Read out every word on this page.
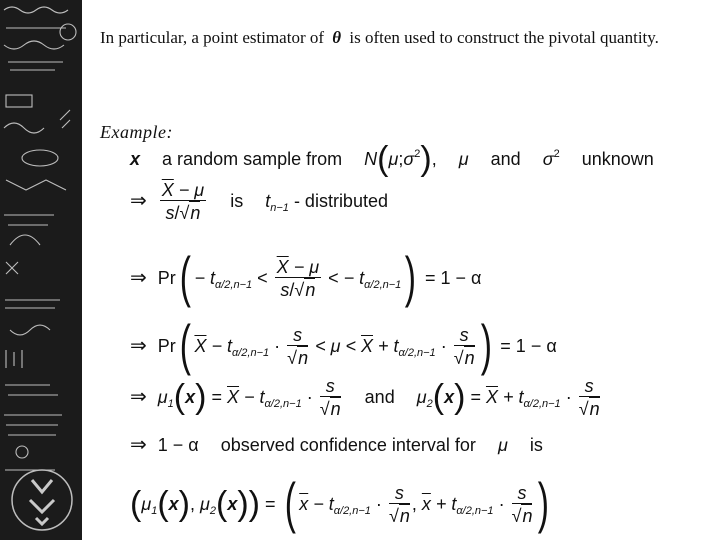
In particular, a point estimator of θ is often used to construct the pivotal quantity.

Example:
x a random sample from $N(\mu;\sigma^2)$,  μ and $\sigma^2$ unknown
⇒ $\frac{\overline{X} - \mu}{s/√n}$ is $t_{n-1}$ - distributed
⇒ $Pr( - t_{\alpha/2,n-1} < \frac{\overline{X} - \mu}{s/√n}$ < − $t_{\alpha/2,n-1}) = 1 - \alpha$
⇒ Pr( $\overline{X} - t_{\alpha/2,n-1} \cdot \frac{s}{√n} < \mu < \overline{X} + t_{\alpha/2,n-1} \cdot \frac{s}{√n}$ ) = 1 − α
⇒ $\mu_1(x) = \overline{X} - t_{\alpha/2,n-1} \cdot \frac{s}{√n}$ and $\mu_2(x) = \overline{X} + t_{\alpha/2,n-1} \cdot \frac{s}{√n}$
⇒ 1 − α observed confidence interval for μ is
($\mu_1(x)$, $\mu_2(x)$) = ( $\overline{x} - t_{\alpha/2,n-1} \cdot \frac{s}{√n}$ , $\overline{x} + t_{\alpha/2,n-1} \cdot \frac{s}{√n}$ )
